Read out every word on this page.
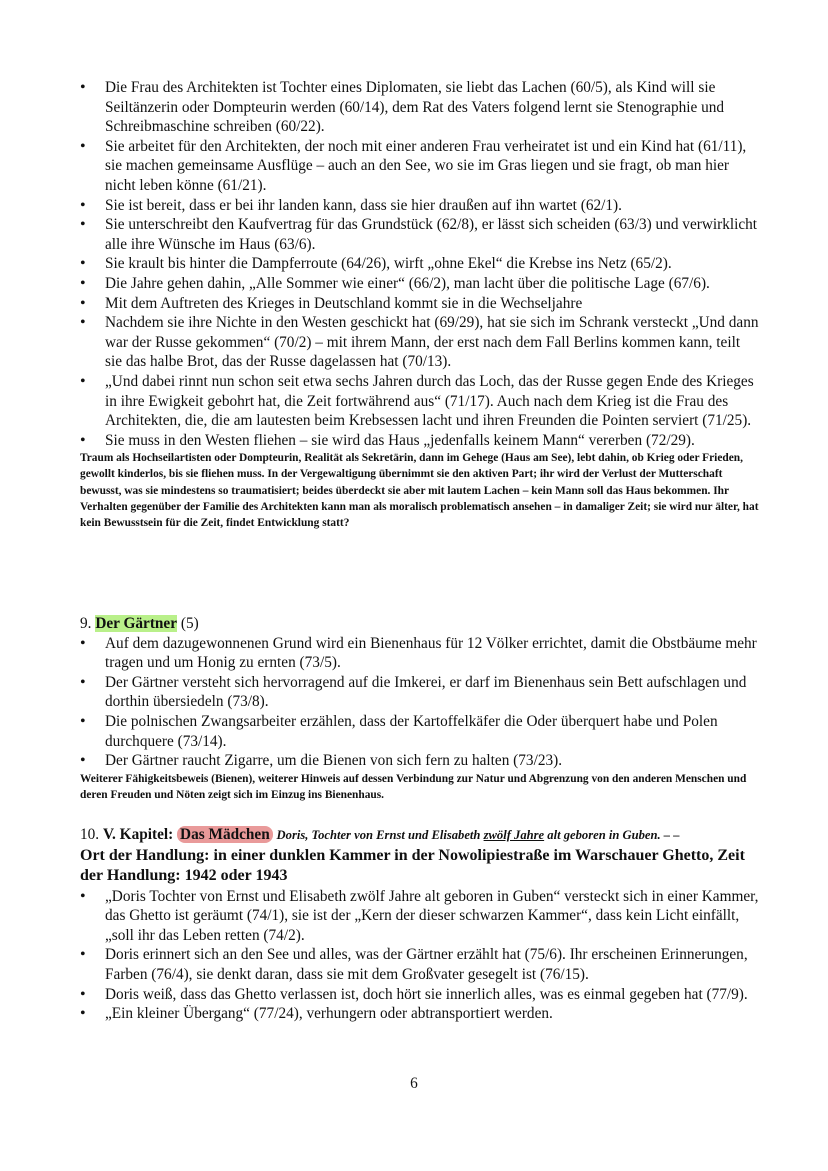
• Die Frau des Architekten ist Tochter eines Diplomaten, sie liebt das Lachen (60/5), als Kind will sie Seiltänzerin oder Dompteurin werden (60/14), dem Rat des Vaters folgend lernt sie Stenographie und Schreibmaschine schreiben (60/22).
• Sie arbeitet für den Architekten, der noch mit einer anderen Frau verheiratet ist und ein Kind hat (61/11), sie machen gemeinsame Ausflüge – auch an den See, wo sie im Gras liegen und sie fragt, ob man hier nicht leben könne (61/21).
• Sie ist bereit, dass er bei ihr landen kann, dass sie hier draußen auf ihn wartet (62/1).
• Sie unterschreibt den Kaufvertrag für das Grundstück (62/8), er lässt sich scheiden (63/3) und verwirklicht alle ihre Wünsche im Haus (63/6).
• Sie krault bis hinter die Dampferroute (64/26), wirft „ohne Ekel“ die Krebse ins Netz (65/2).
• Die Jahre gehen dahin, „Alle Sommer wie einer“ (66/2), man lacht über die politische Lage (67/6).
• Mit dem Auftreten des Krieges in Deutschland kommt sie in die Wechseljahre
• Nachdem sie ihre Nichte in den Westen geschickt hat (69/29), hat sie sich im Schrank versteckt „Und dann war der Russe gekommen“ (70/2) – mit ihrem Mann, der erst nach dem Fall Berlins kommen kann, teilt sie das halbe Brot, das der Russe dagelassen hat (70/13).
• „Und dabei rinnt nun schon seit etwa sechs Jahren durch das Loch, das der Russe gegen Ende des Krieges in ihre Ewigkeit gebohrt hat, die Zeit fortwährend aus“ (71/17). Auch nach dem Krieg ist die Frau des Architekten, die, die am lautesten beim Krebsessen lacht und ihren Freunden die Pointen serviert (71/25).
• Sie muss in den Westen fliehen – sie wird das Haus „jedenfalls keinem Mann“ vererben (72/29).
Traum als Hochseilartisten oder Dompteurin, Realität als Sekretärin, dann im Gehege (Haus am See), lebt dahin, ob Krieg oder Frieden, gewollt kinderlos, bis sie fliehen muss. In der Vergewaltigung übernimmt sie den aktiven Part; ihr wird der Verlust der Mutterschaft bewusst, was sie mindestens so traumatisiert; beides überdeckt sie aber mit lautem Lachen – kein Mann soll das Haus bekommen. Ihr Verhalten gegenüber der Familie des Architekten kann man als moralisch problematisch ansehen – in damaliger Zeit; sie wird nur älter, hat kein Bewusstsein für die Zeit, findet Entwicklung statt?
9. Der Gärtner (5)
• Auf dem dazugewonnenen Grund wird ein Bienenhaus für 12 Völker errichtet, damit die Obstbäume mehr tragen und um Honig zu ernten (73/5).
• Der Gärtner versteht sich hervorragend auf die Imkerei, er darf im Bienenhaus sein Bett aufschlagen und dorthin übersiedeln (73/8).
• Die polnischen Zwangsarbeiter erzählen, dass der Kartoffelkäfer die Oder überquert habe und Polen durchquere (73/14).
• Der Gärtner raucht Zigarre, um die Bienen von sich fern zu halten (73/23).
Weiterer Fähigkeitsbeweis (Bienen), weiterer Hinweis auf dessen Verbindung zur Natur und Abgrenzung von den anderen Menschen und deren Freuden und Nöten zeigt sich im Einzug ins Bienenhaus.
10. V. Kapitel: Das Mädchen Doris, Tochter von Ernst und Elisabeth zwölf Jahre alt geboren in Guben. – –
Ort der Handlung: in einer dunklen Kammer in der Nowolipiestraße im Warschauer Ghetto, Zeit der Handlung: 1942 oder 1943
• „Doris Tochter von Ernst und Elisabeth zwölf Jahre alt geboren in Guben“ versteckt sich in einer Kammer, das Ghetto ist geräumt (74/1), sie ist der „Kern der dieser schwarzen Kammer“, dass kein Licht einfällt, „soll ihr das Leben retten (74/2).
• Doris erinnert sich an den See und alles, was der Gärtner erzählt hat (75/6). Ihr erscheinen Erinnerungen, Farben (76/4), sie denkt daran, dass sie mit dem Großvater gesegelt ist (76/15).
• Doris weiß, dass das Ghetto verlassen ist, doch hört sie innerlich alles, was es einmal gegeben hat (77/9).
• „Ein kleiner Übergang“ (77/24), verhungern oder abtransportiert werden.
6
